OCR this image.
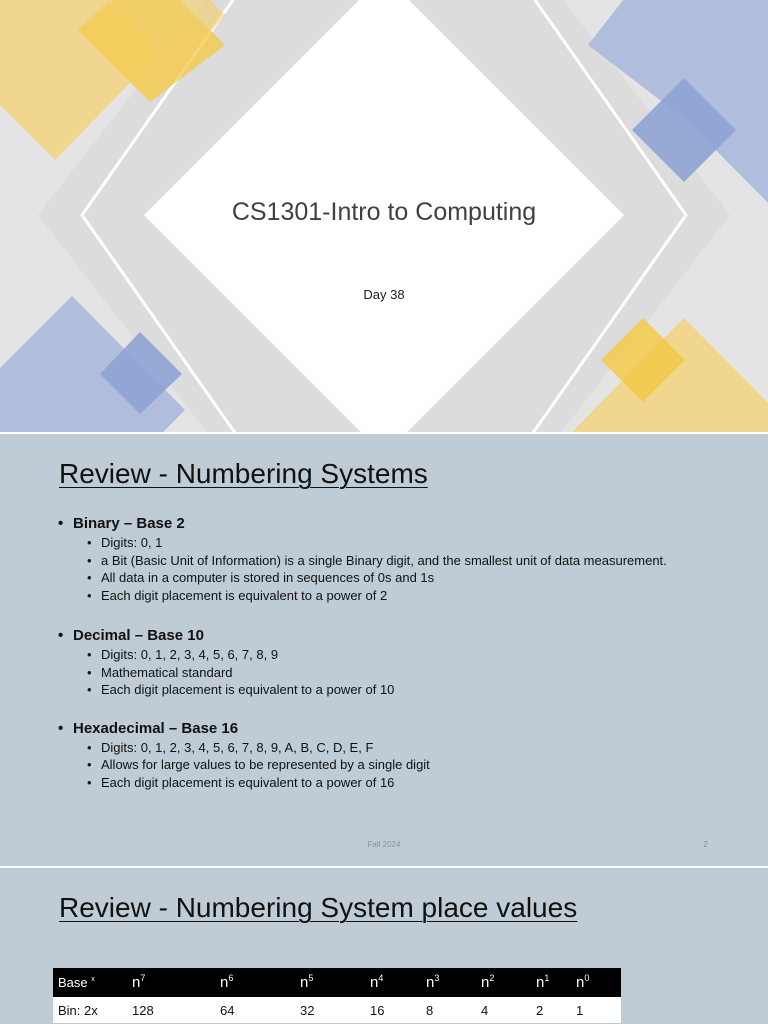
CS1301-Intro to Computing
Day 38
Review - Numbering Systems
• Binary – Base 2
• Digits: 0, 1
• a Bit (Basic Unit of Information) is a single Binary digit, and the smallest unit of data measurement.
• All data in a computer is stored in sequences of 0s and 1s
• Each digit placement is equivalent to a power of 2
• Decimal – Base 10
• Digits: 0, 1, 2, 3, 4, 5, 6, 7, 8, 9
• Mathematical standard
• Each digit placement is equivalent to a power of 10
• Hexadecimal – Base 16
• Digits: 0, 1, 2, 3, 4, 5, 6, 7, 8, 9, A, B, C, D, E, F
• Allows for large values to be represented by a single digit
• Each digit placement is equivalent to a power of 16
Fall 2024	2
Review - Numbering System place values
Base $^x$	$n^7$	$n^6$	$n^5$	$n^4$	$n^3$	$n^2$	$n^1$	$n^0$
Bin: 2x	128	64	32	16	8	4	2	1
